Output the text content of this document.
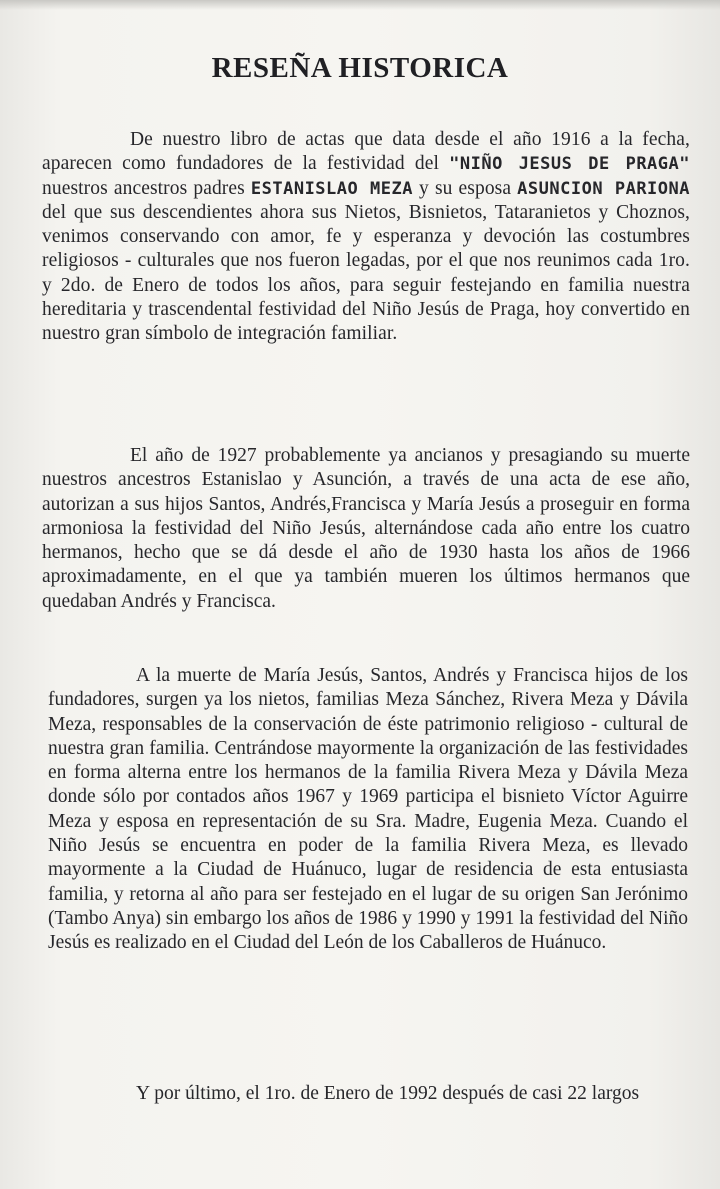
RESEÑA HISTORICA

De nuestro libro de actas que data desde el año 1916 a la fecha, aparecen como fundadores de la festividad del "NIÑO JESUS DE PRAGA" nuestros ancestros padres ESTANISLAO MEZA y su esposa ASUNCION PARIONA del que sus descendientes ahora sus Nietos, Bisnietos, Tataranietos y Choznos, venimos conservando con amor, fe y esperanza y devoción las costumbres religiosos - culturales que nos fueron legadas, por el que nos reunimos cada 1ro. y 2do. de Enero de todos los años, para seguir festejando en familia nuestra hereditaria y trascendental festividad del Niño Jesús de Praga, hoy convertido en nuestro gran símbolo de integración familiar.

El año de 1927 probablemente ya ancianos y presagiando su muerte nuestros ancestros Estanislao y Asunción, a través de una acta de ese año, autorizan a sus hijos Santos, Andrés,Francisca y María Jesús a proseguir en forma armoniosa la festividad del Niño Jesús, alternándose cada año entre los cuatro hermanos, hecho que se dá desde el año de 1930 hasta los años de 1966 aproximadamente, en el que ya también mueren los últimos hermanos que quedaban Andrés y Francisca.

A la muerte de María Jesús, Santos, Andrés y Francisca hijos de los fundadores, surgen ya los nietos, familias Meza Sánchez, Rivera Meza y Dávila Meza, responsables de la conservación de éste patrimonio religioso - cultural de nuestra gran familia. Centrándose mayormente la organización de las festividades en forma alterna entre los hermanos de la familia Rivera Meza y Dávila Meza donde sólo por contados años 1967 y 1969 participa el bisnieto Víctor Aguirre Meza y esposa en representación de su Sra. Madre, Eugenia Meza. Cuando el Niño Jesús se encuentra en poder de la familia Rivera Meza, es llevado mayormente a la Ciudad de Huánuco, lugar de residencia de esta entusiasta familia, y retorna al año para ser festejado en el lugar de su origen San Jerónimo (Tambo Anya) sin embargo los años de 1986 y 1990 y 1991 la festividad del Niño Jesús es realizado en el Ciudad del León de los Caballeros de Huánuco.

Y por último, el 1ro. de Enero de 1992 después de casi 22 largos
